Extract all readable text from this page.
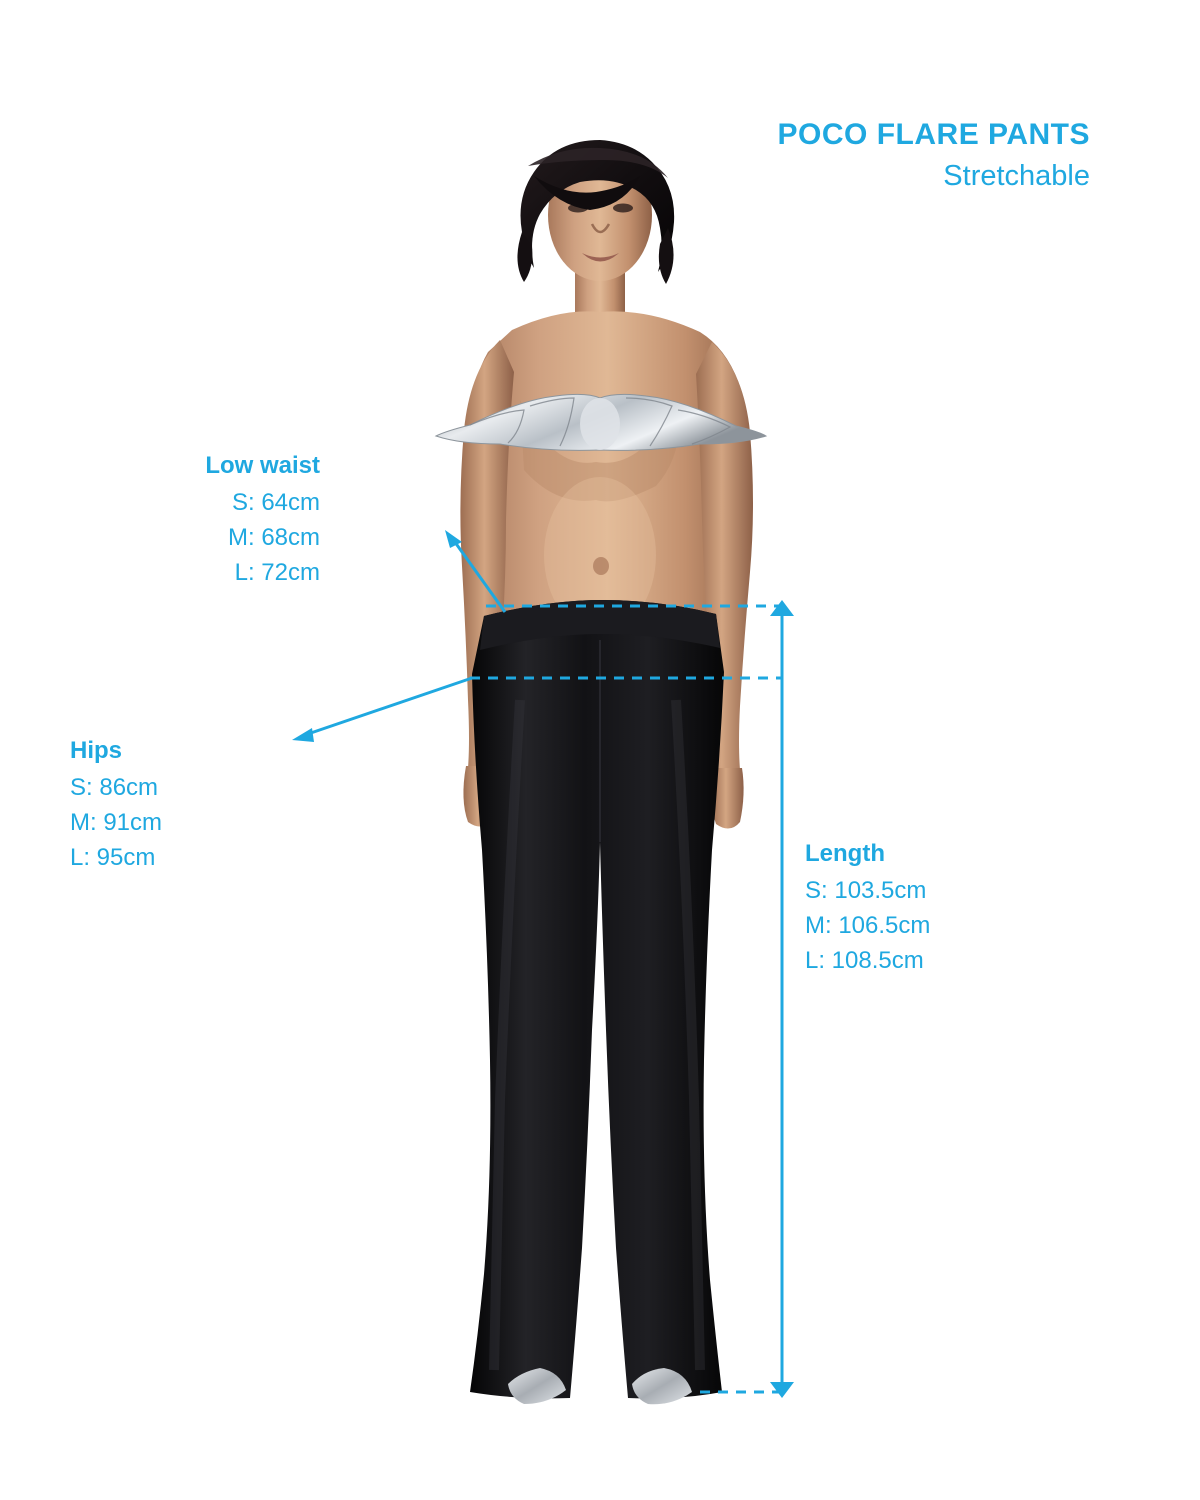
POCO FLARE PANTS
Stretchable
Low waist
S: 64cm
M: 68cm
L: 72cm
Hips
S: 86cm
M: 91cm
L: 95cm	Length
S: 103.5cm
M: 106.5cm
L: 108.5cm
